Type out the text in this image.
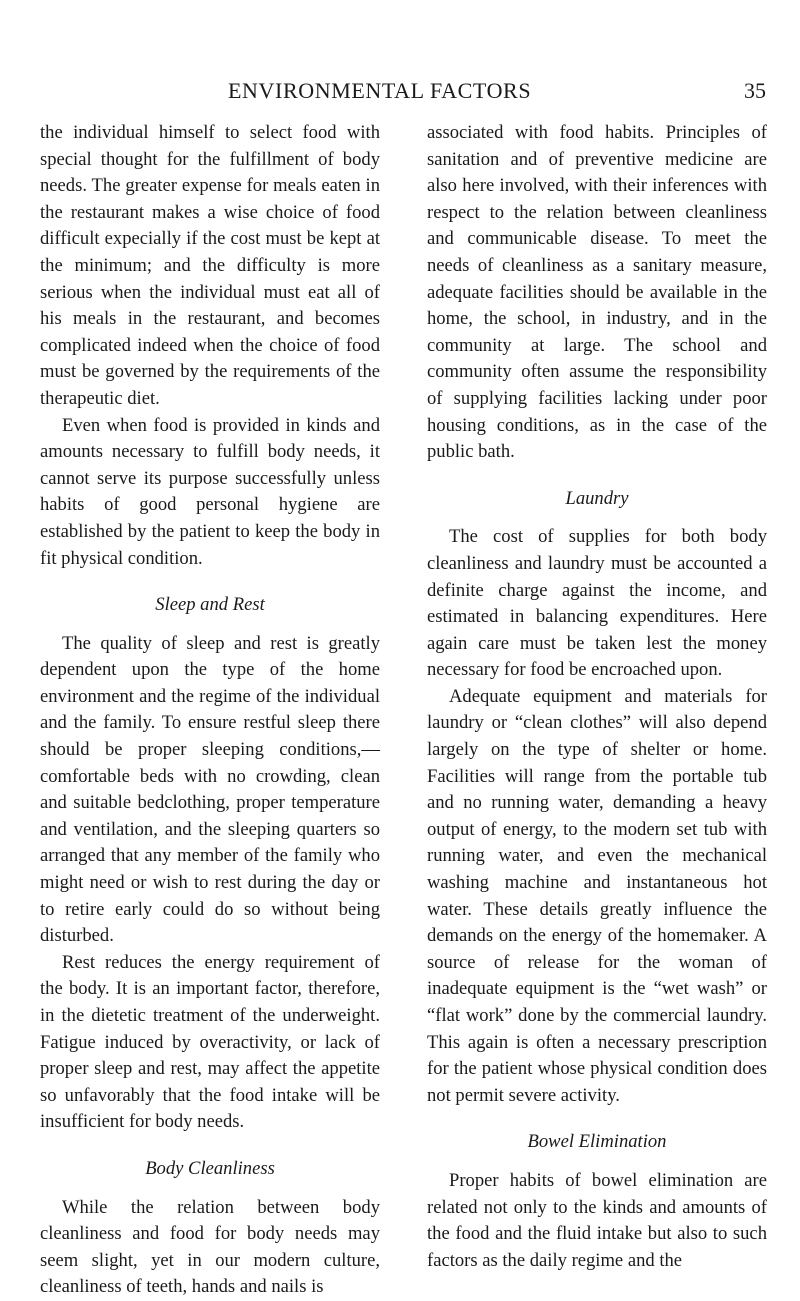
ENVIRONMENTAL FACTORS	35

the individual himself to select food with special thought for the fulfillment of body needs. The greater expense for meals eaten in the restaurant makes a wise choice of food difficult expecially if the cost must be kept at the minimum; and the difficulty is more serious when the individual must eat all of his meals in the restaurant, and becomes complicated indeed when the choice of food must be governed by the requirements of the therapeutic diet.

Even when food is provided in kinds and amounts necessary to fulfill body needs, it cannot serve its purpose successfully unless habits of good personal hygiene are established by the patient to keep the body in fit physical condition.

Sleep and Rest

The quality of sleep and rest is greatly dependent upon the type of the home environment and the regime of the individual and the family. To ensure restful sleep there should be proper sleeping conditions,—comfortable beds with no crowding, clean and suitable bedclothing, proper temperature and ventilation, and the sleeping quarters so arranged that any member of the family who might need or wish to rest during the day or to retire early could do so without being disturbed.

Rest reduces the energy requirement of the body. It is an important factor, therefore, in the dietetic treatment of the underweight. Fatigue induced by overactivity, or lack of proper sleep and rest, may affect the appetite so unfavorably that the food intake will be insufficient for body needs.

Body Cleanliness

While the relation between body cleanliness and food for body needs may seem slight, yet in our modern culture, cleanliness of teeth, hands and nails is

associated with food habits. Principles of sanitation and of preventive medicine are also here involved, with their inferences with respect to the relation between cleanliness and communicable disease. To meet the needs of cleanliness as a sanitary measure, adequate facilities should be available in the home, the school, in industry, and in the community at large. The school and community often assume the responsibility of supplying facilities lacking under poor housing conditions, as in the case of the public bath.

Laundry

The cost of supplies for both body cleanliness and laundry must be accounted a definite charge against the income, and estimated in balancing expenditures. Here again care must be taken lest the money necessary for food be encroached upon.

Adequate equipment and materials for laundry or “clean clothes” will also depend largely on the type of shelter or home. Facilities will range from the portable tub and no running water, demanding a heavy output of energy, to the modern set tub with running water, and even the mechanical washing machine and instantaneous hot water. These details greatly influence the demands on the energy of the homemaker. A source of release for the woman of inadequate equipment is the “wet wash” or “flat work” done by the commercial laundry. This again is often a necessary prescription for the patient whose physical condition does not permit severe activity.

Bowel Elimination

Proper habits of bowel elimination are related not only to the kinds and amounts of the food and the fluid intake but also to such factors as the daily regime and the
